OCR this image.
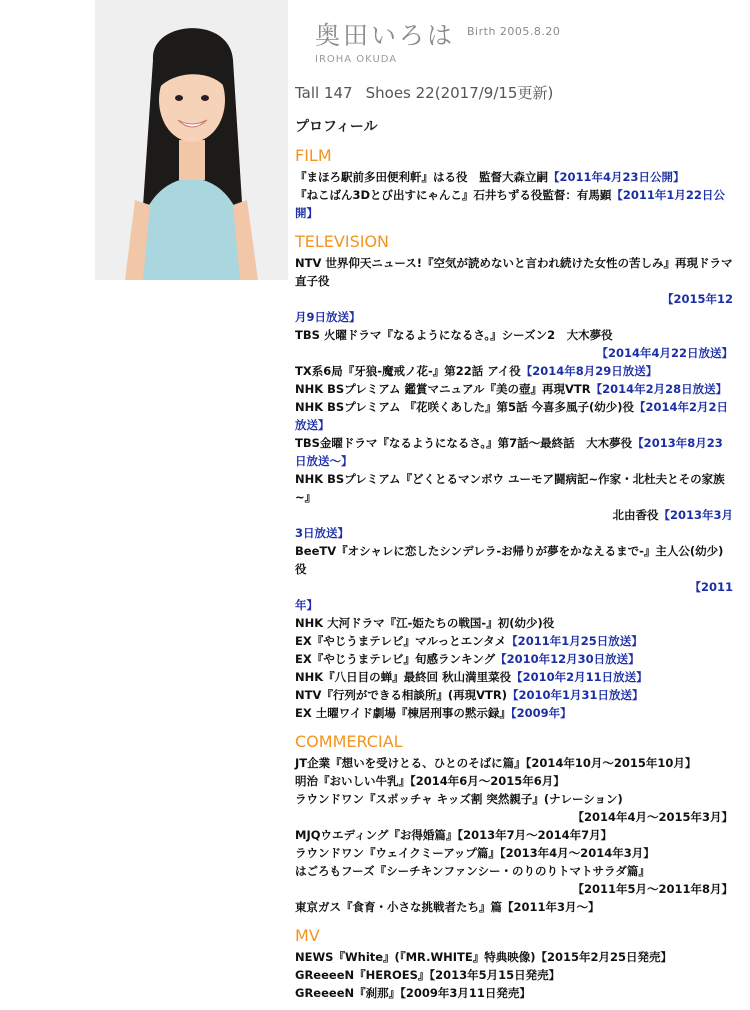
奥田いろは Birth 2005.8.20
IROHA OKUDA
Tall 147 Shoes 22(2017/9/15更新)
プロフィール
FILM

『まほろ駅前多田便利軒』はる役　監督大森立嗣【2011年4月23日公開】

『ねこばん3Dとび出すにゃんこ』石井ちずる役監督：有馬顕【2011年1月22日公開】

TELEVISION

NTV 世界仰天ニュース!『空気が読めないと言われ続けた女性の苦しみ』再現ドラマ直子役

【2015年12

月9日放送】

TBS 火曜ドラマ『なるようになるさ。』シーズン2　大木夢役

【2014年4月22日放送】

TX系6局『牙狼-魔戒ノ花-』第22話 アイ役【2014年8月29日放送】

NHK BSプレミアム 鑑賞マニュアル『美の壺』再現VTR【2014年2月28日放送】

NHK BSプレミアム 『花咲くあした』第5話 今喜多風子(幼少)役【2014年2月2日放送】

TBS金曜ドラマ『なるようになるさ。』第7話〜最終話　大木夢役【2013年8月23日放送〜】

NHK BSプレミアム『どくとるマンボウ ユーモア闘病記~作家・北杜夫とその家族~』

北由香役【2013年3月

3日放送】

BeeTV『オシャレに恋したシンデレラ-お帰りが夢をかなえるまで-』主人公(幼少)役

【2011

年】

NHK 大河ドラマ『江-姫たちの戦国-』初(幼少)役

EX『やじうまテレビ』マルっとエンタメ【2011年1月25日放送】

EX『やじうまテレビ』旬感ランキング【2010年12月30日放送】

NHK『八日目の蝉』最終回 秋山満里菜役【2010年2月11日放送】

NTV『行列ができる相談所』(再現VTR)【2010年1月31日放送】

EX 土曜ワイド劇場『棟居刑事の黙示録』【2009年】

COMMERCIAL

JT企業『想いを受けとる、ひとのそばに篇』【2014年10月〜2015年10月】

明治『おいしい牛乳』【2014年6月〜2015年6月】

ラウンドワン『スポッチャ キッズ割 突然親子』(ナレーション)

【2014年4月〜2015年3月】

MJQウエディング『お得婚篇』【2013年7月〜2014年7月】

ラウンドワン『ウェイクミーアップ篇』【2013年4月〜2014年3月】

はごろもフーズ『シーチキンファンシー・のりのりトマトサラダ篇』

【2011年5月〜2011年8月】

東京ガス『食育・小さな挑戦者たち』篇【2011年3月〜】

MV

NEWS『White』(『MR.WHITE』特典映像)【2015年2月25日発売】

GReeeeN『HEROES』【2013年5月15日発売】

GReeeeN『刹那』【2009年3月11日発売】
